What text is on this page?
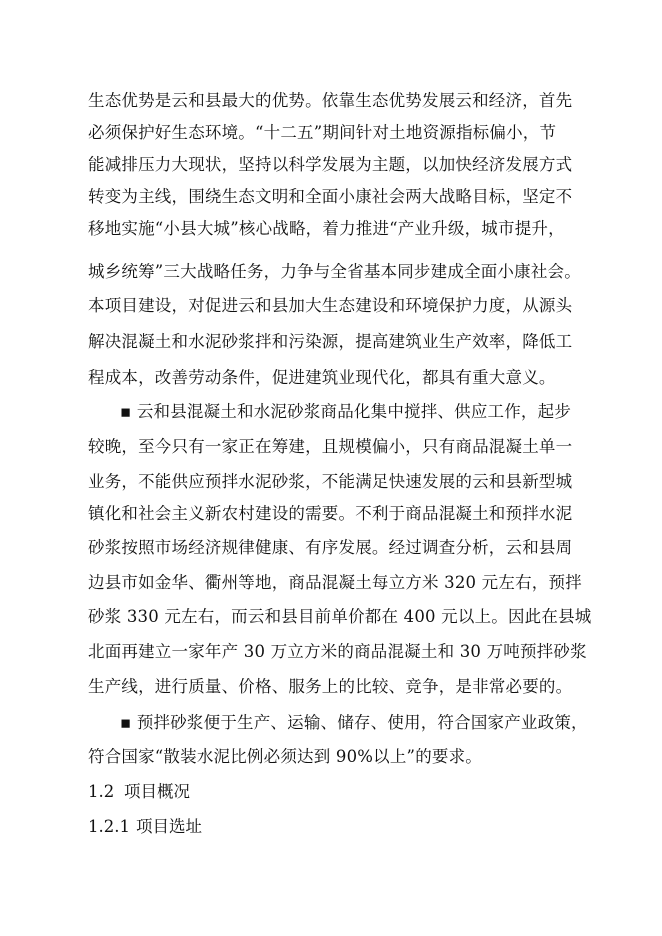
生态优势是云和县最大的优势。依靠生态优势发展云和经济，首先
必须保护好生态环境。“十二五”期间针对土地资源指标偏小，节
能减排压力大现状，坚持以科学发展为主题，以加快经济发展方式
转变为主线，围绕生态文明和全面小康社会两大战略目标，坚定不
移地实施“小县大城”核心战略，着力推进“产业升级，城市提升，
城乡统筹”三大战略任务，力争与全省基本同步建成全面小康社会。
本项目建设，对促进云和县加大生态建设和环境保护力度，从源头
解决混凝土和水泥砂浆拌和污染源，提高建筑业生产效率，降低工
程成本，改善劳动条件，促进建筑业现代化，都具有重大意义。
▪ 云和县混凝土和水泥砂浆商品化集中搅拌、供应工作，起步
较晚，至今只有一家正在筹建，且规模偏小，只有商品混凝土单一
业务，不能供应预拌水泥砂浆，不能满足快速发展的云和县新型城
镇化和社会主义新农村建设的需要。不利于商品混凝土和预拌水泥
砂浆按照市场经济规律健康、有序发展。经过调查分析，云和县周
边县市如金华、衢州等地，商品混凝土每立方米 320 元左右，预拌
砂浆 330 元左右，而云和县目前单价都在 400 元以上。因此在县城
北面再建立一家年产 30 万立方米的商品混凝土和 30 万吨预拌砂浆
生产线，进行质量、价格、服务上的比较、竞争，是非常必要的。
▪ 预拌砂浆便于生产、运输、储存、使用，符合国家产业政策，
符合国家“散装水泥比例必须达到 90%以上”的要求。
1.2 项目概况
1.2.1 项目选址
